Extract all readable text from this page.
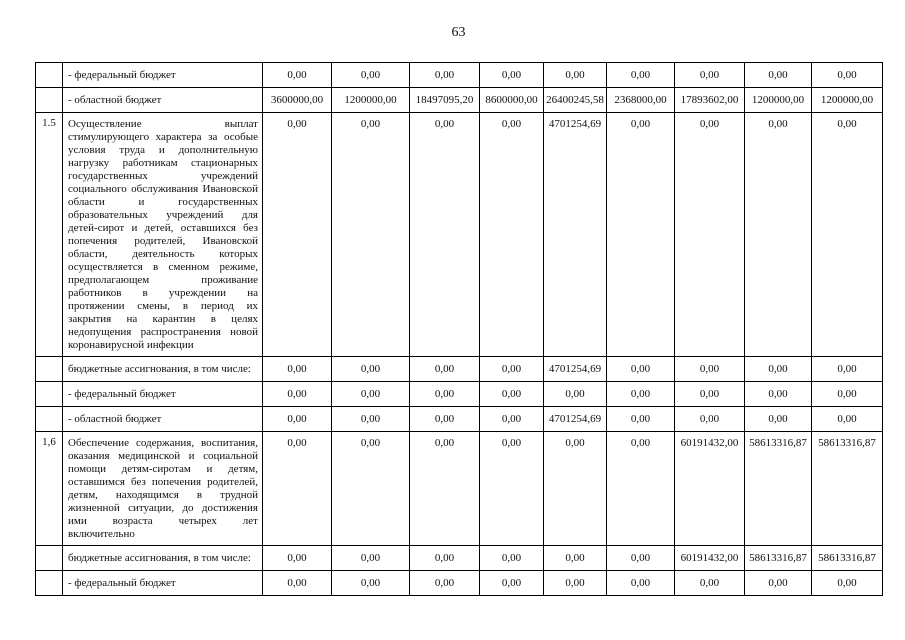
63
	- федеральный бюджет	0,00	0,00	0,00	0,00	0,00	0,00	0,00	0,00	0,00
	- областной бюджет	3600000,00	1200000,00	18497095,20	8600000,00	26400245,58	2368000,00	17893602,00	1200000,00	1200000,00
1.5	Осуществление выплат стимулирующего характера за особые условия труда и дополнительную нагрузку работникам стационарных государственных учреждений социального обслуживания Ивановской области и государственных образовательных учреждений для детей-сирот и детей, оставшихся без попечения родителей, Ивановской области, деятельность которых осуществляется в сменном режиме, предполагающем проживание работников в учреждении на протяжении смены, в период их закрытия на карантин в целях недопущения распространения новой коронавирусной инфекции	0,00	0,00	0,00	0,00	4701254,69	0,00	0,00	0,00	0,00
	бюджетные ассигнования, в том числе:	0,00	0,00	0,00	0,00	4701254,69	0,00	0,00	0,00	0,00
	- федеральный бюджет	0,00	0,00	0,00	0,00	0,00	0,00	0,00	0,00	0,00
	- областной бюджет	0,00	0,00	0,00	0,00	4701254,69	0,00	0,00	0,00	0,00
1,6	Обеспечение содержания, воспитания, оказания медицинской и социальной помощи детям-сиротам и детям, оставшимся без попечения родителей, детям, находящимся в трудной жизненной ситуации, до достижения ими возраста четырех лет включительно	0,00	0,00	0,00	0,00	0,00	0,00	60191432,00	58613316,87	58613316,87
	бюджетные ассигнования, в том числе:	0,00	0,00	0,00	0,00	0,00	0,00	60191432,00	58613316,87	58613316,87
	- федеральный бюджет	0,00	0,00	0,00	0,00	0,00	0,00	0,00	0,00	0,00
